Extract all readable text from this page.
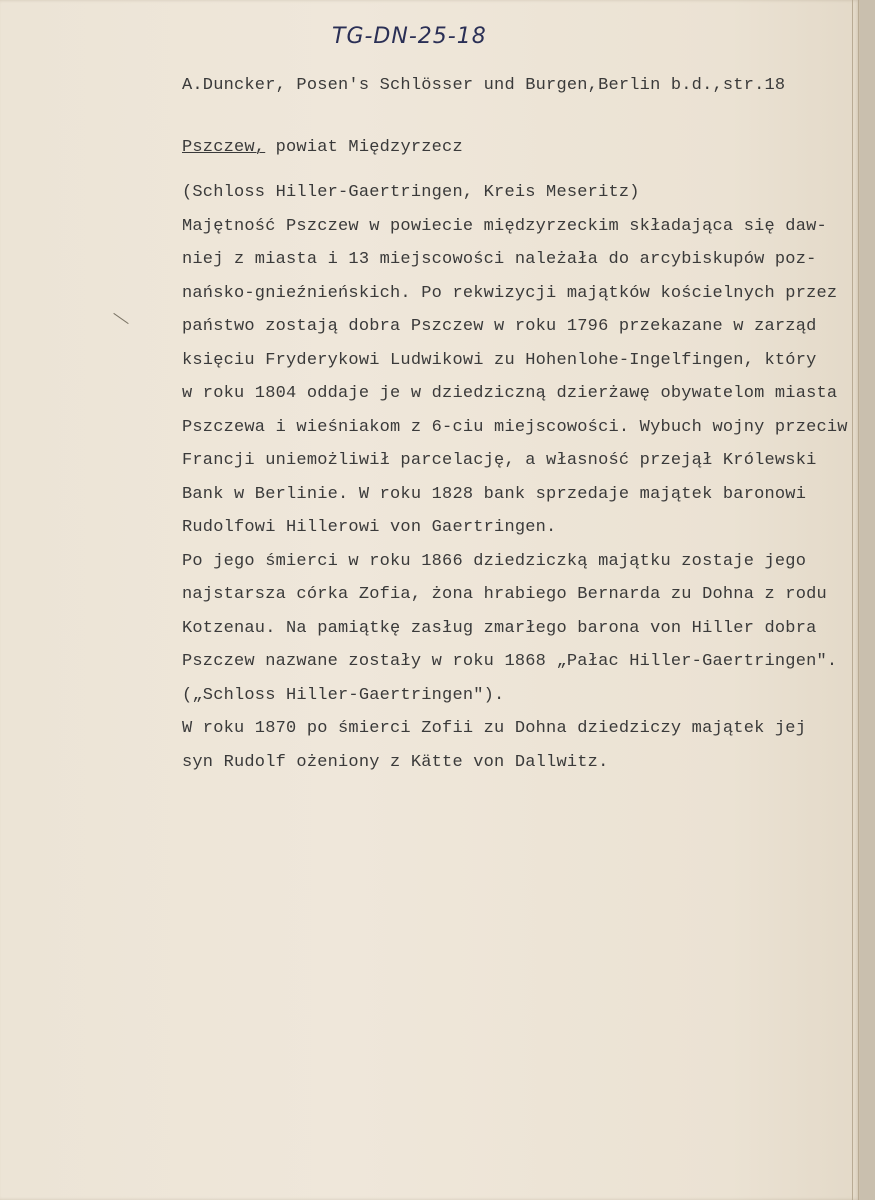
TG-DN-25-18
A.Duncker, Posen's Schlösser und Burgen,Berlin b.d.,str.18
Pszczew, powiat Międzyrzecz
(Schloss Hiller-Gaertringen, Kreis Meseritz)
Majętność Pszczew w powiecie międzyrzeckim składająca się daw-
niej z miasta i 13 miejscowości należała do arcybiskupów poz-
nańsko-gnieźnieńskich. Po rekwizycji majątków kościelnych przez
państwo zostają dobra Pszczew w roku 1796 przekazane w zarząd
księciu Fryderykowi Ludwikowi zu Hohenlohe-Ingelfingen, który
w roku 1804 oddaje je w dziedziczną dzierżawę obywatelom miasta
Pszczewa i wieśniakom z 6-ciu miejscowości. Wybuch wojny przeciw
Francji uniemożliwił parcelację, a własność przejął Królewski
Bank w Berlinie. W roku 1828 bank sprzedaje majątek baronowi
Rudolfowi Hillerowi von Gaertringen.
Po jego śmierci w roku 1866 dziedziczką majątku zostaje jego
najstarsza córka Zofia, żona hrabiego Bernarda zu Dohna z rodu
Kotzenau. Na pamiątkę zasług zmarłego barona von Hiller dobra
Pszczew nazwane zostały w roku 1868 „Pałac Hiller-Gaertringen".
(„Schloss Hiller-Gaertringen").
W roku 1870 po śmierci Zofii zu Dohna dziedziczy majątek jej
syn Rudolf ożeniony z Kätte von Dallwitz.
